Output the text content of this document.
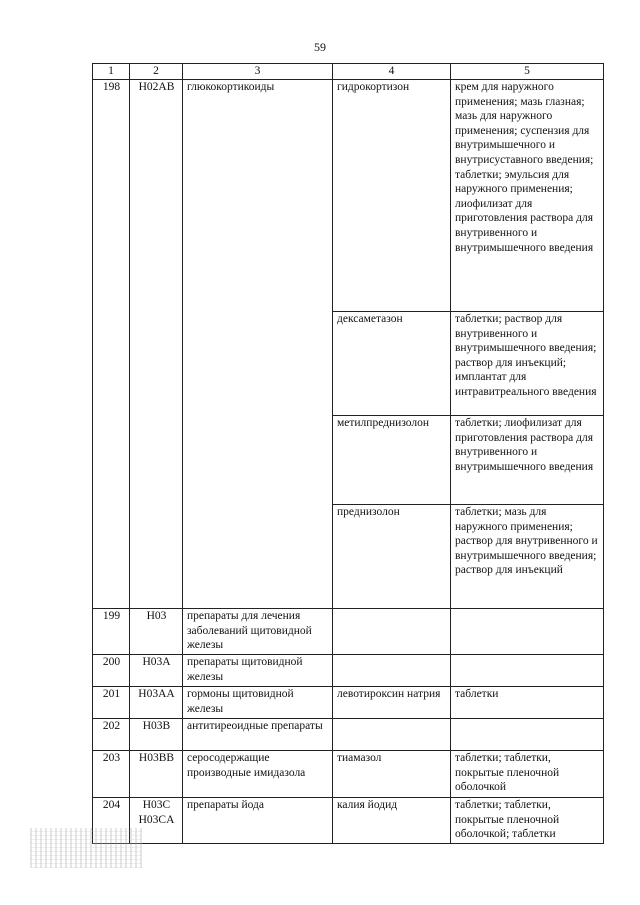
59
1	2	3	4	5
198	H02AB	глюкокортикоиды	гидрокортизон	крем для наружного применения; мазь глазная; мазь для наружного применения; суспензия для внутримышечного и внутрисуставного введения; таблетки; эмульсия для наружного применения; лиофилизат для приготовления раствора для внутривенного и внутримышечного введения
			дексаметазон	таблетки; раствор для внутривенного и внутримышечного введения; раствор для инъекций; имплантат для интравитреального введения
			метилпреднизолон	таблетки; лиофилизат для приготовления раствора для внутривенного и внутримышечного введения
			преднизолон	таблетки; мазь для наружного применения; раствор для внутривенного и внутримышечного введения; раствор для инъекций
199	H03	препараты для лечения заболеваний щитовидной железы		
200	H03A	препараты щитовидной железы		
201	H03AA	гормоны щитовидной железы	левотироксин натрия	таблетки
202	H03B	антитиреоидные препараты		
203	H03BB	серосодержащие производные имидазола	тиамазол	таблетки; таблетки, покрытые пленочной оболочкой
204	H03C H03CA	препараты йода	калия йодид	таблетки; таблетки, покрытые пленочной оболочкой; таблетки
